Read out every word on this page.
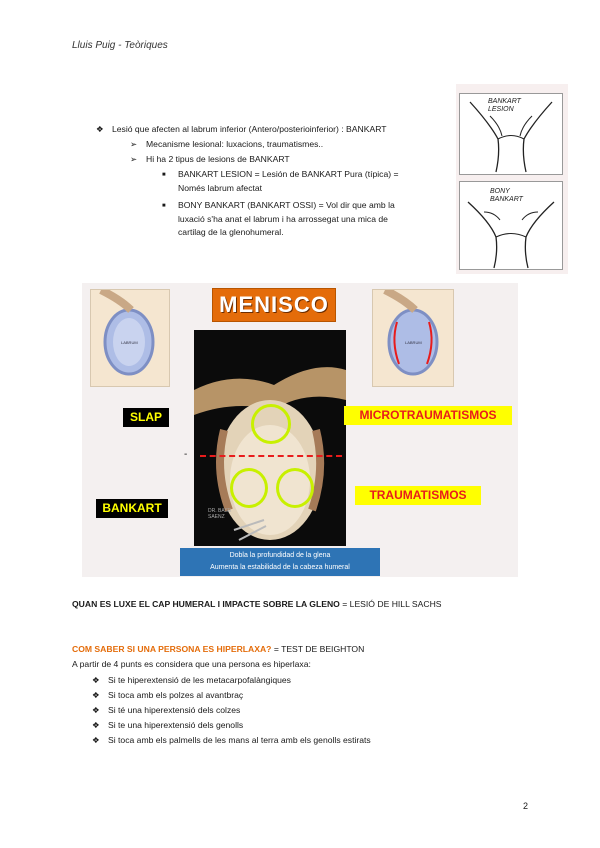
Lluis Puig - Teòriques
BANKART LESION
BONY BANKART
❖ Lesió que afecten al labrum inferior (Antero/posterioinferior) : BANKART
➢ Mecanisme lesional: luxacions, traumatismes..
➢ Hi ha 2 tipus de lesions de BANKART
■ BANKART LESION = Lesión de BANKART Pura (típica) =
Només labrum afectat
■ BONY BANKART (BANKART OSSI) = Vol dir que amb la
luxació s'ha anat el labrum i ha arrossegat una mica de
cartilag de la glenohumeral.
LABRUM
MENISCO
LABRUM
DR. BASE SAENZ
-
SLAP
BANKART
MICROTRAUMATISMOS
TRAUMATISMOS
Dobla la profundidad de la glena
Aumenta la estabilidad de la cabeza humeral
QUAN ES LUXE EL CAP HUMERAL I IMPACTE SOBRE LA GLENO = LESIÓ DE HILL SACHS
COM SABER SI UNA PERSONA ES HIPERLAXA? = TEST DE BEIGHTON
A partir de 4 punts es considera que una persona es hiperlaxa:
❖ Si te hiperextensió de les metacarpofalàngiques
❖ Si toca amb els polzes al avantbraç
❖ Si té una hiperextensió dels colzes
❖ Si te una hiperextensió dels genolls
❖ Si toca amb els palmells de les mans al terra amb els genolls estirats
2
